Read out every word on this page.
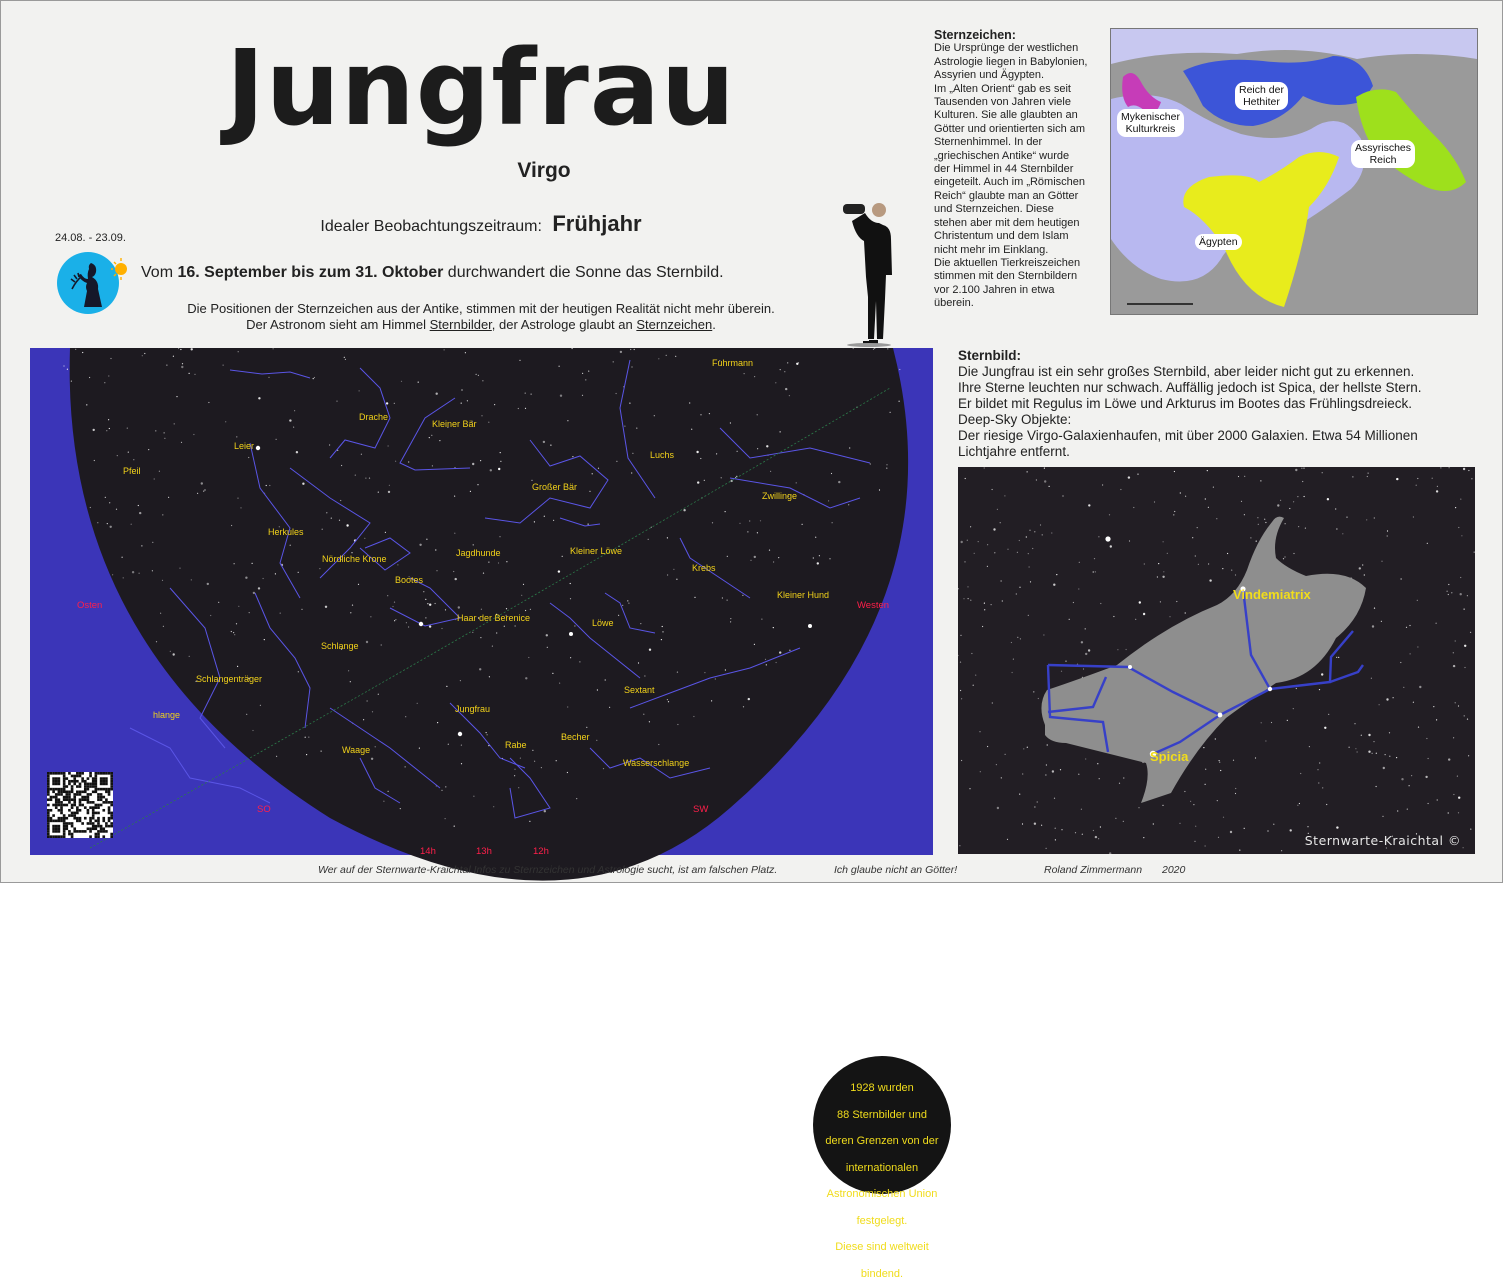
Jungfrau
Virgo
Idealer Beobachtungszeitraum: Frühjahr
24.08. - 23.09.
Vom 16. September bis zum 31. Oktober durchwandert die Sonne das Sternbild.
Die Positionen der Sternzeichen aus der Antike, stimmen mit der heutigen Realität nicht mehr überein.
Der Astronom sieht am Himmel Sternbilder, der Astrologe glaubt an Sternzeichen.
Sternzeichen:
Die Ursprünge der westlichen
Astrologie liegen in Babylonien,
Assyrien und Ägypten.
Im „Alten Orient“ gab es seit
Tausenden von Jahren viele
Kulturen. Sie alle glaubten an
Götter und orientierten sich am
Sternenhimmel. In der
„griechischen Antike“ wurde
der Himmel in 44 Sternbilder
eingeteilt. Auch im „Römischen
Reich“ glaubte man an Götter
und Sternzeichen. Diese
stehen aber mit dem heutigen
Christentum und dem Islam
nicht mehr im Einklang.
Die aktuellen Tierkreiszeichen
stimmen mit den Sternbildern
vor 2.100 Jahren in etwa
überein.
Reich der
Hethiter
Mykenischer
Kulturkreis
Assyrisches
Reich
Ägypten
Sternbild:
Die Jungfrau ist ein sehr großes Sternbild, aber leider nicht gut zu erkennen.
Ihre Sterne leuchten nur schwach. Auffällig jedoch ist Spica, der hellste Stern.
Er bildet mit Regulus im Löwe und Arkturus im Bootes das Frühlingsdreieck.
Deep-Sky Objekte:
Der riesige Virgo-Galaxienhaufen, mit über 2000 Galaxien. Etwa 54 Millionen
Lichtjahre entfernt.
Fuhrmann
Drache
Kleiner Bär
Leier
Pfeil
Luchs
Großer Bär
Zwillinge
Herkules
Nördliche Krone
Jagdhunde	Kleiner Löwe
Bootes
Krebs
Kleiner Hund
Haar der Berenice	Löwe
Schlange
Schlangenträger
hlange
Jungfrau
Sextant
Rabe
Becher
Waage
Wasserschlange
Osten	Westen
SO	SW
14h	13h	12h
1928 wurden
88 Sternbilder und
deren Grenzen von der
internationalen
Astronomischen Union
festgelegt.
Diese sind weltweit
bindend.
Vindemiatrix
Spicia
Sternwarte-Kraichtal ©
Wer auf der Sternwarte-Kraichtal Infos zu Sternzeichen und Astrologie sucht, ist am falschen Platz.	Ich glaube nicht an Götter!	Roland Zimmermann 2020
